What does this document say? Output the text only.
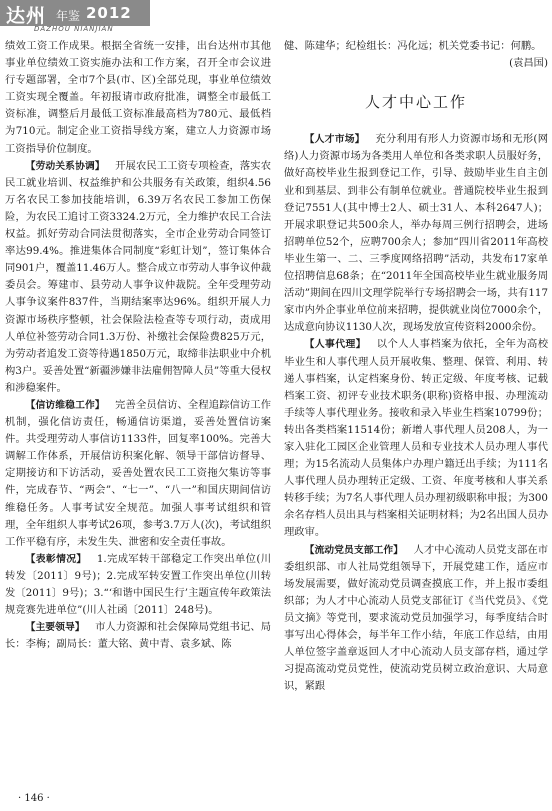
达州 年鉴 2012
DAZHOU NIANJIAN

绩效工资工作成果。根据全省统一安排，出台达州市其他事业单位绩效工资实施办法和工作方案，召开全市会议进行专题部署，全市7个县(市、区)全部兑现，事业单位绩效工资实现全覆盖。年初报请市政府批准，调整全市最低工资标准，调整后月最低工资标准最高档为780元、最低档为710元。制定企业工资指导线方案，建立人力资源市场工资指导价位制度。

【劳动关系协调】  开展农民工工资专项检查，落实农民工就业培训、权益维护和公共服务有关政策，组织4.56万名农民工参加技能培训，6.39万名农民工参加工伤保险，为农民工追讨工资3324.2万元，全力维护农民工合法权益。抓好劳动合同法贯彻落实，全市企业劳动合同签订率达99.4%。推进集体合同制度“彩虹计划”，签订集体合同901户，覆盖11.46万人。整合成立市劳动人事争议仲裁委员会。筹建市、县劳动人事争议仲裁院。全年受理劳动人事争议案件837件，当期结案率达96%。组织开展人力资源市场秩序整顿，社会保险法检查等专项行动，责成用人单位补签劳动合同1.3万份、补缴社会保险费825万元，为劳动者追发工资等待遇1850万元，取缔非法职业中介机构3户。妥善处置“新疆涉嫌非法雇佣智障人员”等重大侵权和涉稳案件。

【信访维稳工作】  完善全员信访、全程追踪信访工作机制，强化信访责任，畅通信访渠道，妥善处置信访案件。共受理劳动人事信访1133件，回复率100%。完善大调解工作体系，开展信访积案化解、领导干部信访督导、定期接访和下访活动，妥善处置农民工工资拖欠集访等事件，完成春节、“两会”、“七一”、“八一”和国庆期间信访维稳任务。人事考试安全规范。加强人事考试组织和管理，全年组织人事考试26项，参考3.7万人(次)，考试组织工作平稳有序，未发生失、泄密和安全责任事故。

【表彰情况】  1.完成军转干部稳定工作突出单位(川转发〔2011〕9号)；2.完成军转安置工作突出单位(川转发〔2011〕9号)；3.“‘和谐中国民生行’主题宣传年政策法规竞赛先进单位”(川人社函〔2011〕248号)。

【主要领导】  市人力资源和社会保障局党组书记、局长：李梅；副局长：董大铭、黄中青、袁多斌、陈

健、陈建华；纪检组长：冯化远；机关党委书记：何鹏。

(袁昌国)

人才中心工作

【人才市场】  充分利用有形人力资源市场和无形(网络)人力资源市场为各类用人单位和各类求职人员服好务，做好高校毕业生报到登记工作，引导、鼓励毕业生自主创业和到基层、到非公有制单位就业。普通院校毕业生报到登记7551人(其中博士2人、硕士31人、本科2647人)；开展求职登记共500余人，举办每周三例行招聘会，进场招聘单位52个，应聘700余人；参加“四川省2011年高校毕业生第一、二、三季度网络招聘”活动，共发布17家单位招聘信息68条；在“2011年全国高校毕业生就业服务周活动”期间在四川文理学院举行专场招聘会一场，共有117家市内外企事业单位前来招聘，提供就业岗位7000余个，达成意向协议1130人次，现场发放宣传资料2000余份。

【人事代理】  以个人人事档案为依托，全年为高校毕业生和人事代理人员开展收集、整理、保管、利用、转递人事档案，认定档案身份、转正定级、年度考核、记载档案工资、初评专业技术职务(职称)资格申报、办理流动手续等人事代理业务。接收和录入毕业生档案10799份；转出各类档案11514份；新增人事代理人员208人，为一家入驻化工园区企业管理人员和专业技术人员办理人事代理；为15名流动人员集体户办理户籍迁出手续；为111名人事代理人员办理转正定级、工资、年度考核和人事关系转移手续；为7名人事代理人员办理初级职称申报；为300余名存档人员出具与档案相关证明材料；为2名出国人员办理政审。

【流动党员支部工作】  人才中心流动人员党支部在市委组织部、市人社局党组领导下，开展党建工作，适应市场发展需要，做好流动党员调查摸底工作，并上报市委组织部；为人才中心流动人员党支部征订《当代党员》、《党员文摘》等党刊，要求流动党员加强学习，每季度结合时事写出心得体会，每半年工作小结，年底工作总结，由用人单位签字盖章返回人才中心流动人员支部存档，通过学习提高流动党员党性，使流动党员树立政治意识、大局意识，紧跟

· 146 ·
